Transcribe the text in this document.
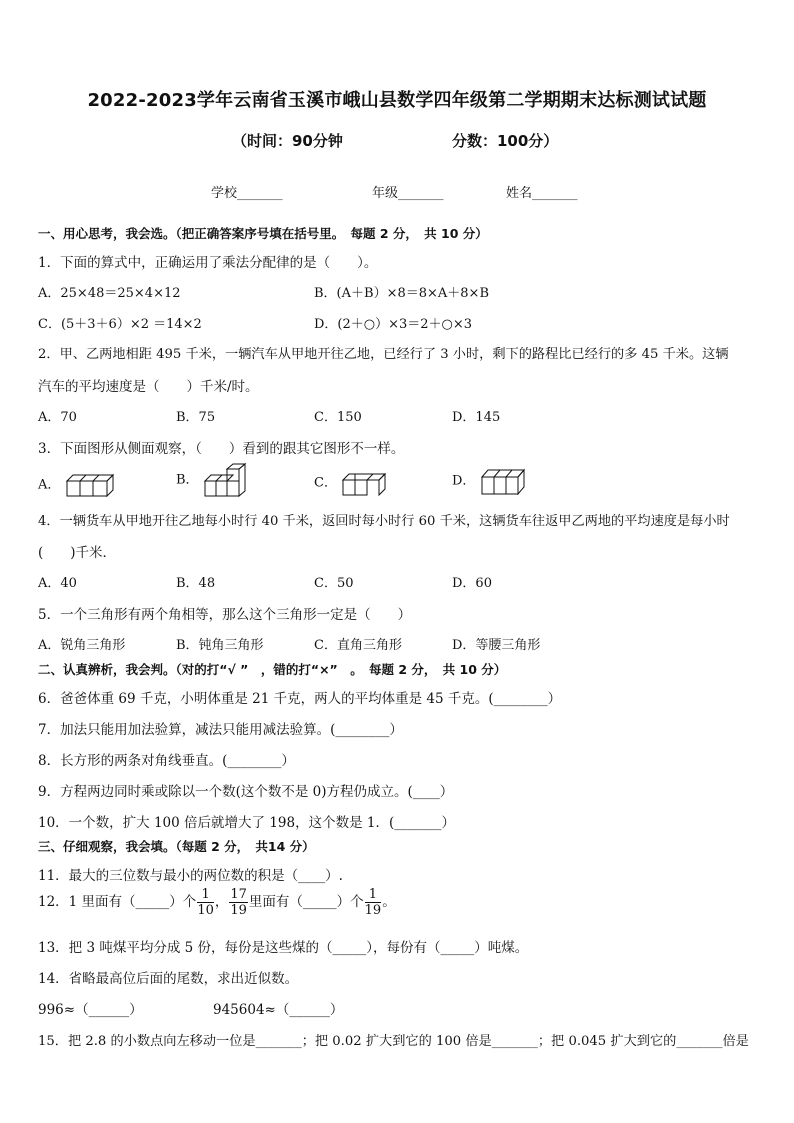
2022-2023学年云南省玉溪市峨山县数学四年级第二学期期末达标测试试题
（时间：90分钟	分数：100分）
学校_______	年级_______	姓名_______
一、用心思考，我会选。（把正确答案序号填在括号里。　每题 2 分，　共 10 分）
1．下面的算式中，正确运用了乘法分配律的是（　　）。
A．25×48＝25×4×12	B．(A＋B）×8＝8×A＋8×B
C．(5＋3＋6）×2 ＝14×2	D．(2＋○）×3＝2＋○×3
2．甲、乙两地相距 495 千米，一辆汽车从甲地开往乙地，已经行了 3 小时，剩下的路程比已经行的多 45 千米。这辆
汽车的平均速度是（　　）千米/时。
A．70	B．75	C．150	D．145
3．下面图形从侧面观察，（　　）看到的跟其它图形不一样。
A．	B．	C．	D．
4．一辆货车从甲地开往乙地每小时行 40 千米，返回时每小时行 60 千米，这辆货车往返甲乙两地的平均速度是每小时
(　　)千米．
A．40	B．48	C．50	D．60
5．一个三角形有两个角相等，那么这个三角形一定是（　　）
A．锐角三角形	B．钝角三角形	C．直角三角形	D．等腰三角形
二、认真辨析，我会判。（对的打“√ ”　，错的打“×”　。　每题 2 分，　共 10 分）
6．爸爸体重 69 千克，小明体重是 21 千克，两人的平均体重是 45 千克。(________）
7．加法只能用加法验算，减法只能用减法验算。(________）
8．长方形的两条对角线垂直。(________）
9．方程两边同时乘或除以一个数(这个数不是 0)方程仍成立。(____）
10．一个数，扩大 100 倍后就增大了 198，这个数是 1．(_______）
三、仔细观察，我会填。（每题 2 分，　共14 分）
11．最大的三位数与最小的两位数的积是（____）.
12．1 里面有（_____）个 $\frac{1}{10}$ ， $\frac{17}{19}$ 里面有（_____）个 $\frac{1}{19}$ 。
13．把 3 吨煤平均分成 5 份，每份是这些煤的（_____），每份有（_____）吨煤。
14．省略最高位后面的尾数，求出近似数。
996≈（______）	945604≈（______）
15．把 2.8 的小数点向左移动一位是_______；把 0.02 扩大到它的 100 倍是_______；把 0.045 扩大到它的_______倍是
